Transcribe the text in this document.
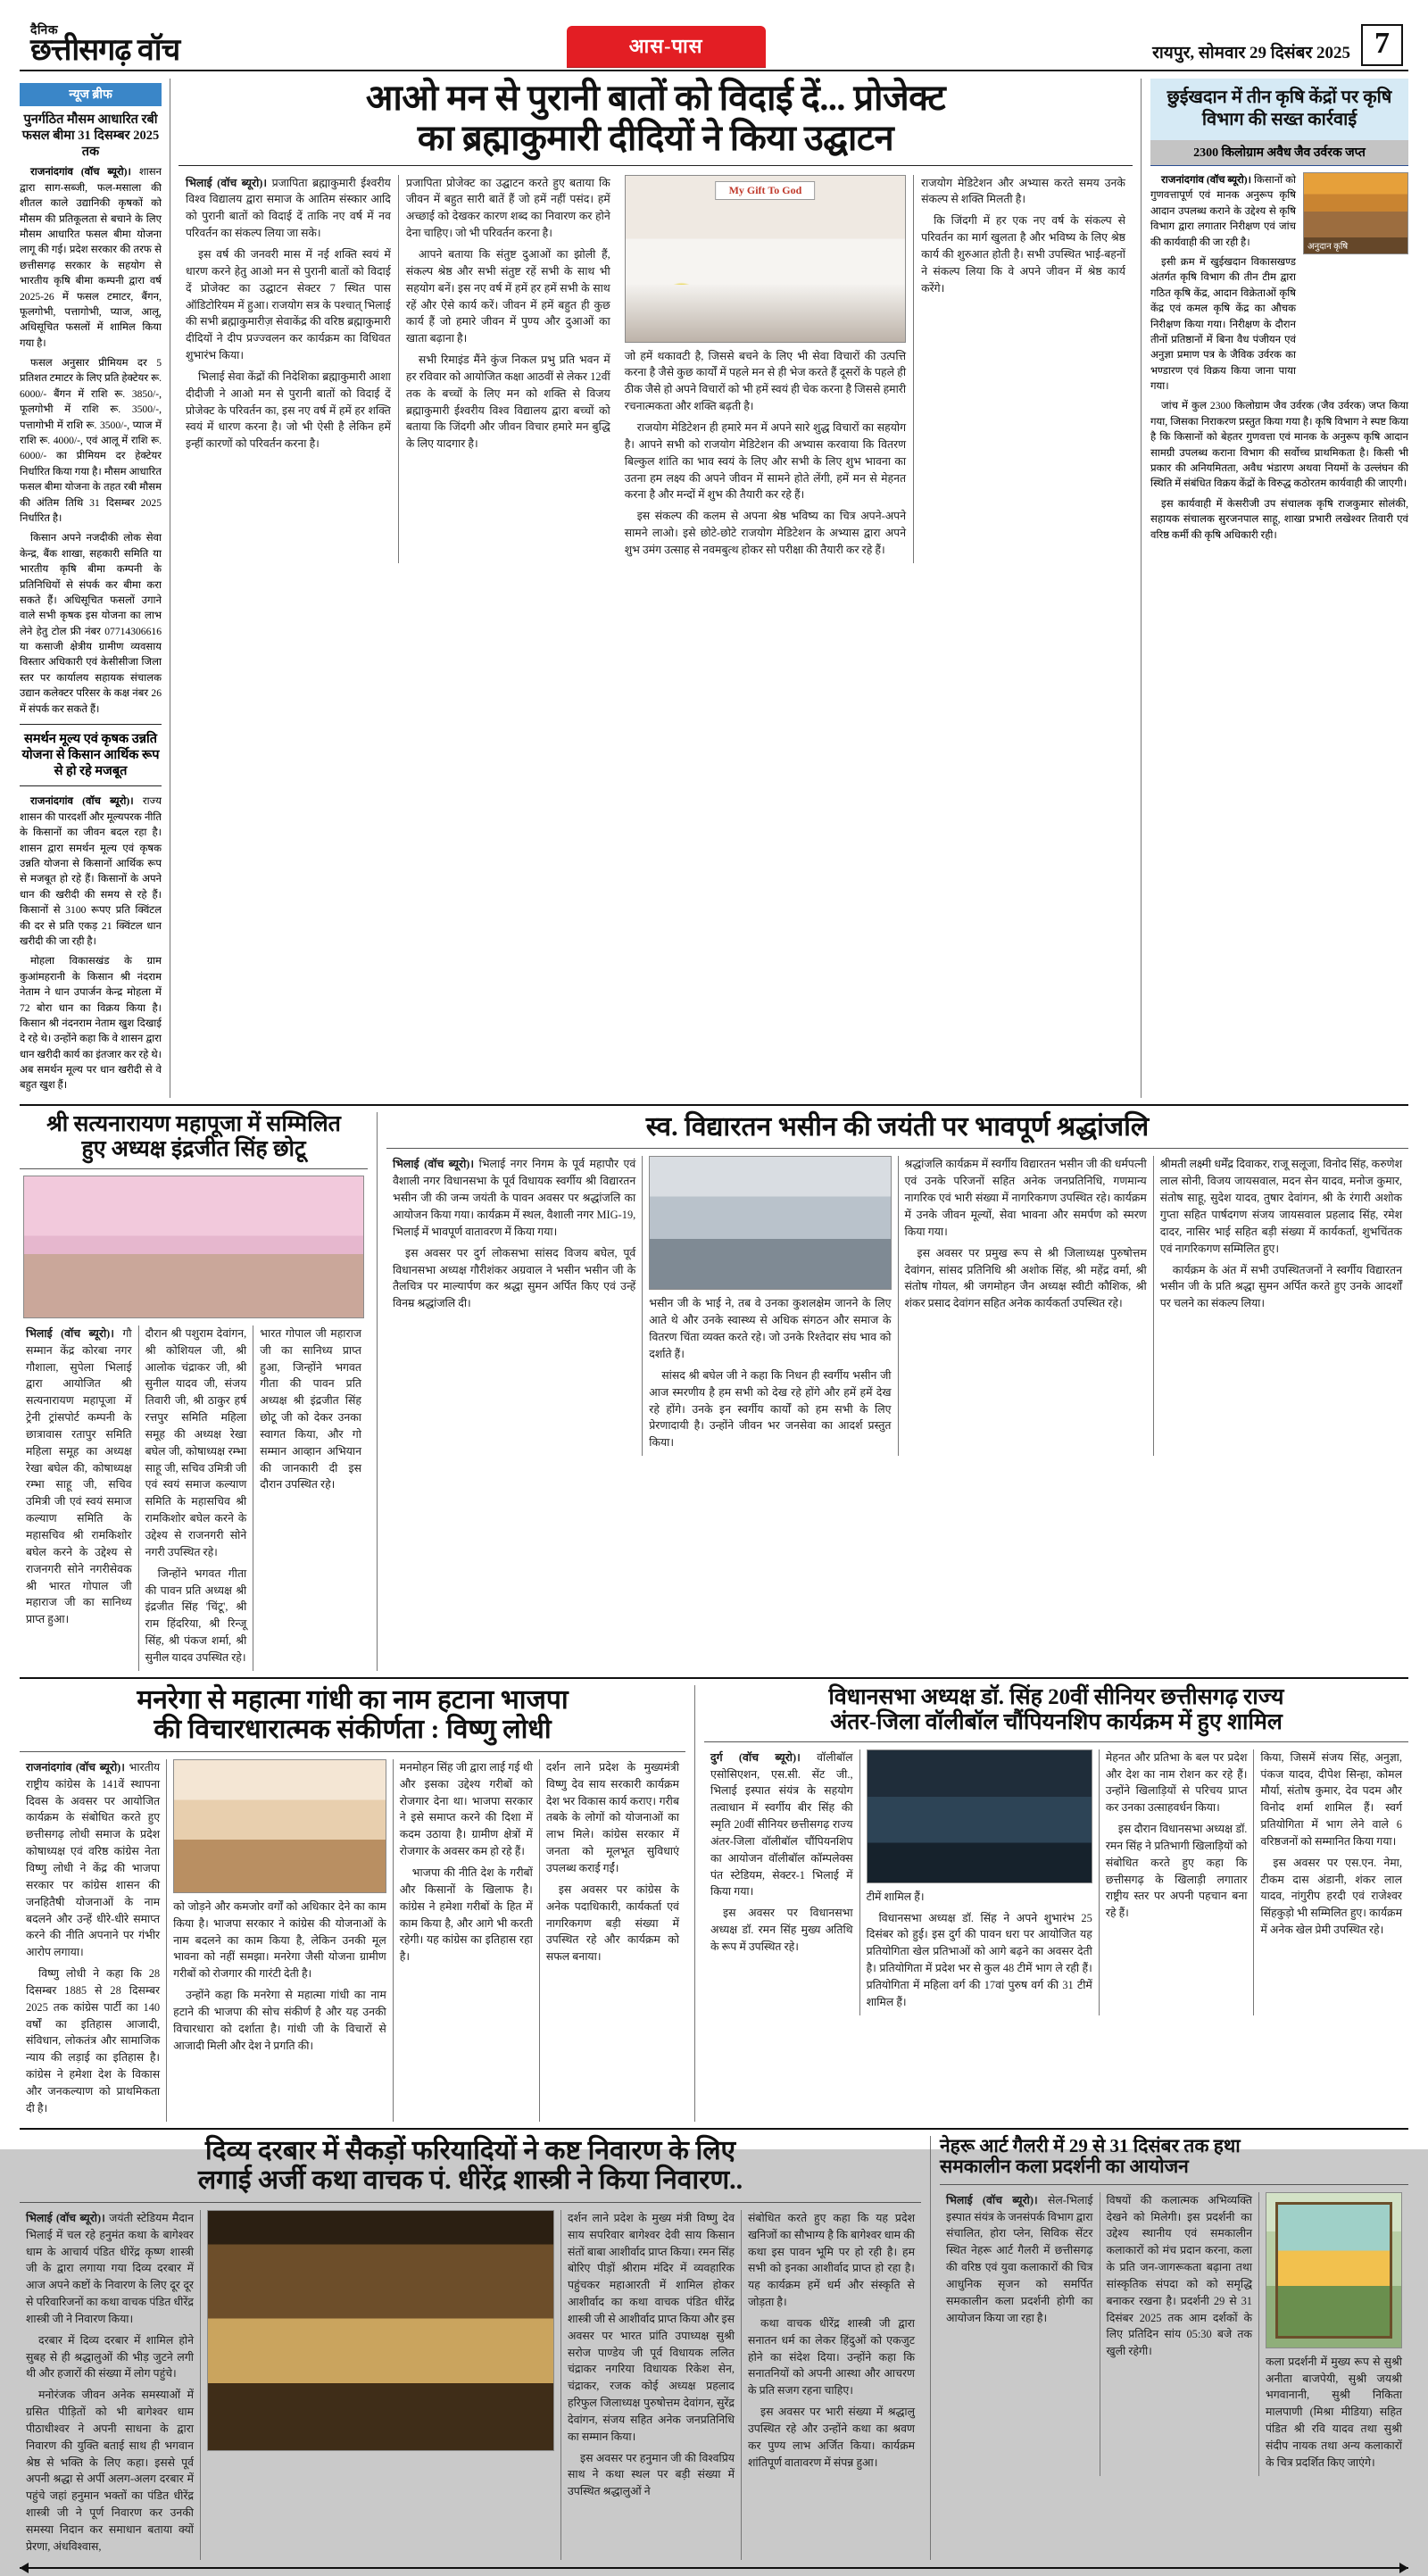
दैनिक
छत्तीसगढ़ वॉच	आस-पास	रायपुर, सोमवार 29 दिसंबर 2025 7
न्यूज ब्रीफ
पुनर्गठित मौसम आधारित रबी फसल बीमा 31 दिसम्बर 2025 तक

राजनांदगांव (वॉच ब्यूरो)। शासन द्वारा साग-सब्जी, फल-मसाला की शीतल काले उद्यानिकी कृषकों को मौसम की प्रतिकूलता से बचाने के लिए मौसम आधारित फसल बीमा योजना लागू की गई। प्रदेश सरकार की तरफ से छत्तीसगढ़ सरकार के सहयोग से भारतीय कृषि बीमा कम्पनी द्वारा वर्ष 2025-26 में फसल टमाटर, बैंगन, फूलगोभी, पत्तागोभी, प्याज, आलू, अधिसूचित फसलों में शामिल किया गया है।

फसल अनुसार प्रीमियम दर 5 प्रतिशत टमाटर के लिए प्रति हेक्टेयर रू. 6000/- बैंगन में राशि रू. 3850/-, फूलगोभी में राशि रू. 3500/-, पत्तागोभी में राशि रू. 3500/-, प्याज में राशि रू. 4000/-, एवं आलू में राशि रू. 6000/- का प्रीमियम दर हेक्टेयर निर्धारित किया गया है। मौसम आधारित फसल बीमा योजना के तहत रबी मौसम की अंतिम तिथि 31 दिसम्बर 2025 निर्धारित है।

किसान अपने नजदीकी लोक सेवा केन्द्र, बैंक शाखा, सहकारी समिति या भारतीय कृषि बीमा कम्पनी के प्रतिनिधियों से संपर्क कर बीमा करा सकते हैं। अधिसूचित फसलों उगाने वाले सभी कृषक इस योजना का लाभ लेने हेतु टोल फ्री नंबर 07714306616 या कसाजी क्षेत्रीय ग्रामीण व्यवसाय विस्तार अधिकारी एवं केसीसीजा जिला स्तर पर कार्यालय सहायक संचालक उद्यान कलेक्टर परिसर के कक्ष नंबर 26 में संपर्क कर सकते हैं।

समर्थन मूल्य एवं कृषक उन्नति योजना से किसान आर्थिक रूप से हो रहे मजबूत

राजनांदगांव (वॉच ब्यूरो)। राज्य शासन की पारदर्शी और मूल्यपरक नीति के किसानों का जीवन बदल रहा है। शासन द्वारा समर्थन मूल्य एवं कृषक उन्नति योजना से किसानों आर्थिक रूप से मजबूत हो रहे हैं। किसानों के अपने धान की खरीदी की समय से रहे हैं। किसानों से 3100 रूपए प्रति क्विंटल की दर से प्रति एकड़ 21 क्विंटल धान खरीदी की जा रही है।

मोहला विकासखंड के ग्राम कुआंमहरानी के किसान श्री नंदराम नेताम ने धान उपार्जन केन्द्र मोहला में 72 बोरा धान का विक्रय किया है। किसान श्री नंदनराम नेताम खुश दिखाई दे रहे थे। उन्होंने कहा कि वे शासन द्वारा धान खरीदी कार्य का इंतजार कर रहे थे। अब समर्थन मूल्य पर धान खरीदी से वे बहुत खुश हैं।

आओ मन से पुरानी बातों को विदाई दें... प्रोजेक्ट
का ब्रह्माकुमारी दीदियों ने किया उद्घाटन

भिलाई (वॉच ब्यूरो)। प्रजापिता ब्रह्माकुमारी ईश्वरीय विश्व विद्यालय द्वारा समाज के आतिम संस्कार आदि को पुरानी बातों को विदाई दें ताकि नए वर्ष में नव परिवर्तन का संकल्प लिया जा सके।

इस वर्ष की जनवरी मास में नई शक्ति स्वयं में धारण करने हेतु आओ मन से पुरानी बातों को विदाई दें प्रोजेक्ट का उद्घाटन सेक्टर 7 स्थित पास ऑडिटोरियम में हुआ। राजयोग सत्र के पश्चात् भिलाई की सभी ब्रह्माकुमारीज़ सेवाकेंद्र की वरिष्ठ ब्रह्माकुमारी दीदियों ने दीप प्रज्ज्वलन कर कार्यक्रम का विधिवत शुभारंभ किया।

भिलाई सेवा केंद्रों की निदेशिका ब्रह्माकुमारी आशा दीदीजी ने आओ मन से पुरानी बातों को विदाई दें प्रोजेक्ट के परिवर्तन का, इस नए वर्ष में हमें हर शक्ति स्वयं में धारण करना है। जो भी ऐसी है लेकिन हमें इन्हीं कारणों को परिवर्तन करना है।

प्रजापिता प्रोजेक्ट का उद्घाटन करते हुए बताया कि जीवन में बहुत सारी बातें हैं जो हमें नहीं पसंद। हमें अच्छाई को देखकर कारण शब्द का निवारण कर होने देना चाहिए। जो भी परिवर्तन करना है।

आपने बताया कि संतुष्ट दुआओं का झोली हैं, संकल्प श्रेष्ठ और सभी संतुष्ट रहें सभी के साथ भी सहयोग बनें। इस नए वर्ष में हमें हर हमें सभी के साथ रहें और ऐसे कार्य करें। जीवन में हमें बहुत ही कुछ कार्य हैं जो हमारे जीवन में पुण्य और दुआओं का खाता बढ़ाना है।

सभी रिमाइंड मैंने कुंज निकल प्रभु प्रति भवन में हर रविवार को आयोजित कक्षा आठवीं से लेकर 12वीं तक के बच्चों के लिए मन को शक्ति से विजय ब्रह्माकुमारी ईश्वरीय विश्व विद्यालय द्वारा बच्चों को बताया कि जिंदगी और जीवन विचार हमारे मन बुद्धि के लिए यादगार है।

My Gift To God

जो हमें थकावटी है, जिससे बचने के लिए भी सेवा विचारों की उत्पत्ति करना है जैसे कुछ कार्यों में पहले मन से ही भेज करते हैं दूसरों के पहले ही ठीक जैसे हो अपने विचारों को भी हमें स्वयं ही चेक करना है जिससे हमारी रचनात्मकता और शक्ति बढ़ती है।

राजयोग मेडिटेशन ही हमारे मन में अपने सारे शुद्ध विचारों का सहयोग है। आपने सभी को राजयोग मेडिटेशन की अभ्यास करवाया कि वितरण बिल्कुल शांति का भाव स्वयं के लिए और सभी के लिए शुभ भावना का उतना हम लक्ष्य की अपने जीवन में सामने होते लेंगी, हमें मन से मेहनत करना है और मन्दों में शुभ की तैयारी कर रहे हैं।

इस संकल्प की कलम से अपना श्रेष्ठ भविष्य का चित्र अपने-अपने सामने लाओ। इसे छोटे-छोटे राजयोग मेडिटेशन के अभ्यास द्वारा अपने शुभ उमंग उत्साह से नवमबुत्थ होकर सो परीक्षा की तैयारी कर रहे हैं।

राजयोग मेडिटेशन और अभ्यास करते समय उनके संकल्प से शक्ति मिलती है।

कि जिंदगी में हर एक नए वर्ष के संकल्प से परिवर्तन का मार्ग खुलता है और भविष्य के लिए श्रेष्ठ कार्य की शुरुआत होती है। सभी उपस्थित भाई-बहनों ने संकल्प लिया कि वे अपने जीवन में श्रेष्ठ कार्य करेंगे।

छुईखदान में तीन कृषि केंद्रों पर कृषि विभाग की सख्त कार्रवाई
2300 किलोग्राम अवैध जैव उर्वरक जप्त

राजनांदगांव (वॉच ब्यूरो)। किसानों को गुणवत्तापूर्ण एवं मानक अनुरूप कृषि आदान उपलब्ध कराने के उद्देश्य से कृषि विभाग द्वारा लगातार निरीक्षण एवं जांच की कार्यवाही की जा रही है।

इसी क्रम में खुईखदान विकासखण्ड अंतर्गत कृषि विभाग की तीन टीम द्वारा गठित कृषि केंद्र, आदान विक्रेताओं कृषि केंद्र एवं कमल कृषि केंद्र का औचक निरीक्षण किया गया। निरीक्षण के दौरान तीनों प्रतिष्ठानों में बिना वैध पंजीयन एवं अनुज्ञा प्रमाण पत्र के जैविक उर्वरक का भण्डारण एवं विक्रय किया जाना पाया गया।

अनुदान कृषि

जांच में कुल 2300 किलोग्राम जैव उर्वरक (जैव उर्वरक) जप्त किया गया, जिसका निराकरण प्रस्तुत किया गया है। कृषि विभाग ने स्पष्ट किया है कि किसानों को बेहतर गुणवत्ता एवं मानक के अनुरूप कृषि आदान सामग्री उपलब्ध कराना विभाग की सर्वोच्च प्राथमिकता है। किसी भी प्रकार की अनियमितता, अवैध भंडारण अथवा नियमों के उल्लंघन की स्थिति में संबंधित विक्रय केंद्रों के विरुद्ध कठोरतम कार्यवाही की जाएगी।

इस कार्यवाही में केसरीजी उप संचालक कृषि राजकुमार सोलंकी, सहायक संचालक सुरजनपाल साहू, शाखा प्रभारी लखेश्वर तिवारी एवं वरिष्ठ कर्मी की कृषि अधिकारी रही।

श्री सत्यनारायण महापूजा में सम्मिलित
हुए अध्यक्ष इंद्रजीत सिंह छोटू

भिलाई (वॉच ब्यूरो)। गौ सम्मान केंद्र कोरबा नगर गौशाला, सुपेला भिलाई द्वारा आयोजित श्री सत्यनारायण महापूजा में ट्रेनी ट्रांसपोर्ट कम्पनी के छात्रावास रतापुर समिति महिला समूह का अध्यक्ष रेखा बघेल की, कोषाध्यक्ष रम्भा साहू जी, सचिव उमित्री जी एवं स्वयं समाज कल्याण समिति के महासचिव श्री रामकिशोर बघेल करने के उद्देश्य से राजनगरी सोने नगरीसेवक श्री भारत गोपाल जी महाराज जी का सानिध्य प्राप्त हुआ।

दौरान श्री पशुराम देवांगन, श्री कोशियल जी, श्री आलोक चंद्राकर जी, श्री सुनील यादव जी, संजय तिवारी जी, श्री ठाकुर हर्ष रत्तपुर समिति महिला समूह की अध्यक्ष रेखा बघेल जी, कोषाध्यक्ष रम्भा साहू जी, सचिव उमित्री जी एवं स्वयं समाज कल्याण समिति के महासचिव श्री रामकिशोर बघेल करने के उद्देश्य से राजनगरी सोने नगरी उपस्थित रहे।

जिन्होंने भगवत गीता की पावन प्रति अध्यक्ष श्री इंद्रजीत सिंह 'चिंटू', श्री राम हिंदरिया, श्री रिन्जू सिंह, श्री पंकज शर्मा, श्री सुनील यादव उपस्थित रहे।

भारत गोपाल जी महाराज जी का सानिध्य प्राप्त हुआ, जिन्होंने भगवत गीता की पावन प्रति अध्यक्ष श्री इंद्रजीत सिंह छोटू जी को देकर उनका स्वागत किया, और गो सम्मान आव्हान अभियान की जानकारी दी इस दौरान उपस्थित रहे।

स्व. विद्यारतन भसीन की जयंती पर भावपूर्ण श्रद्धांजलि

भिलाई (वॉच ब्यूरो)। भिलाई नगर निगम के पूर्व महापौर एवं वैशाली नगर विधानसभा के पूर्व विधायक स्वर्गीय श्री विद्यारतन भसीन जी की जन्म जयंती के पावन अवसर पर श्रद्धांजलि का आयोजन किया गया। कार्यक्रम में स्थल, वैशाली नगर MIG-19, भिलाई में भावपूर्ण वातावरण में किया गया।

इस अवसर पर दुर्ग लोकसभा सांसद विजय बघेल, पूर्व विधानसभा अध्यक्ष गौरीशंकर अग्रवाल ने भसीन भसीन जी के तैलचित्र पर माल्यार्पण कर श्रद्धा सुमन अर्पित किए एवं उन्हें विनम्र श्रद्धांजलि दी।	भसीन जी के भाई ने, तब वे उनका कुशलक्षेम जानने के लिए आते थे और उनके स्वास्थ्य से अधिक संगठन और समाज के वितरण चिंता व्यक्त करते रहे। जो उनके रिश्तेदार संघ भाव को दर्शाते हैं।

सांसद श्री बघेल जी ने कहा कि निधन ही स्वर्गीय भसीन जी आज स्मरणीय है हम सभी को देख रहे होंगे और हमें हमें देख रहे होंगे। उनके इन स्वर्गीय कार्यों को हम सभी के लिए प्रेरणादायी है। उन्होंने जीवन भर जनसेवा का आदर्श प्रस्तुत किया।

श्रद्धांजलि कार्यक्रम में स्वर्गीय विद्यारतन भसीन जी की धर्मपत्नी एवं उनके परिजनों सहित अनेक जनप्रतिनिधि, गणमान्य नागरिक एवं भारी संख्या में नागरिकगण उपस्थित रहे। कार्यक्रम में उनके जीवन मूल्यों, सेवा भावना और समर्पण को स्मरण किया गया।

इस अवसर पर प्रमुख रूप से श्री जिलाध्यक्ष पुरुषोत्तम देवांगन, सांसद प्रतिनिधि श्री अशोक सिंह, श्री महेंद्र वर्मा, श्री संतोष गोयल, श्री जगमोहन जैन अध्यक्ष स्वीटी कौशिक, श्री शंकर प्रसाद देवांगन सहित अनेक कार्यकर्ता उपस्थित रहे।

श्रीमती लक्ष्मी धर्मेंद्र दिवाकर, राजू सलूजा, विनोद सिंह, करुणेश लाल सोनी, विजय जायसवाल, मदन सेन यादव, मनोज कुमार, संतोष साहू, सुदेश यादव, तुषार देवांगन, श्री के रंगारी अशोक गुप्ता सहित पार्षदगण संजय जायसवाल प्रहलाद सिंह, रमेश दादर, नासिर भाई सहित बड़ी संख्या में कार्यकर्ता, शुभचिंतक एवं नागरिकगण सम्मिलित हुए।

कार्यक्रम के अंत में सभी उपस्थितजनों ने स्वर्गीय विद्यारतन भसीन जी के प्रति श्रद्धा सुमन अर्पित करते हुए उनके आदर्शों पर चलने का संकल्प लिया।

मनरेगा से महात्मा गांधी का नाम हटाना भाजपा
की विचारधारात्मक संकीर्णता : विष्णु लोधी

राजनांदगांव (वॉच ब्यूरो)। भारतीय राष्ट्रीय कांग्रेस के 141वें स्थापना दिवस के अवसर पर आयोजित कार्यक्रम के संबोधित करते हुए छत्तीसगढ़ लोधी समाज के प्रदेश कोषाध्यक्ष एवं वरिष्ठ कांग्रेस नेता विष्णु लोधी ने केंद्र की भाजपा सरकार पर कांग्रेस शासन की जनहितैषी योजनाओं के नाम बदलने और उन्हें धीरे-धीरे समाप्त करने की नीति अपनाने पर गंभीर आरोप लगाया।

विष्णु लोधी ने कहा कि 28 दिसम्बर 1885 से 28 दिसम्बर 2025 तक कांग्रेस पार्टी का 140 वर्षों का इतिहास आजादी, संविधान, लोकतंत्र और सामाजिक न्याय की लड़ाई का इतिहास है। कांग्रेस ने हमेशा देश के विकास और जनकल्याण को प्राथमिकता दी है।

को जोड़ने और कमजोर वर्गों को अधिकार देने का काम किया है। भाजपा सरकार ने कांग्रेस की योजनाओं के नाम बदलने का काम किया है, लेकिन उनकी मूल भावना को नहीं समझा। मनरेगा जैसी योजना ग्रामीण गरीबों को रोजगार की गारंटी देती है।

उन्होंने कहा कि मनरेगा से महात्मा गांधी का नाम हटाने की भाजपा की सोच संकीर्ण है और यह उनकी विचारधारा को दर्शाता है। गांधी जी के विचारों से आजादी मिली और देश ने प्रगति की।

मनमोहन सिंह जी द्वारा लाई गई थी और इसका उद्देश्य गरीबों को रोजगार देना था। भाजपा सरकार ने इसे समाप्त करने की दिशा में कदम उठाया है। ग्रामीण क्षेत्रों में रोजगार के अवसर कम हो रहे हैं।

भाजपा की नीति देश के गरीबों और किसानों के खिलाफ है। कांग्रेस ने हमेशा गरीबों के हित में काम किया है, और आगे भी करती रहेगी। यह कांग्रेस का इतिहास रहा है।

दर्शन लाने प्रदेश के मुख्यमंत्री विष्णु देव साय सरकारी कार्यक्रम देश भर विकास कार्य कराए। गरीब तबके के लोगों को योजनाओं का लाभ मिले। कांग्रेस सरकार में जनता को मूलभूत सुविधाएं उपलब्ध कराई गईं।

इस अवसर पर कांग्रेस के अनेक पदाधिकारी, कार्यकर्ता एवं नागरिकगण बड़ी संख्या में उपस्थित रहे और कार्यक्रम को सफल बनाया।

विधानसभा अध्यक्ष डॉ. सिंह 20वीं सीनियर छत्तीसगढ़ राज्य
अंतर-जिला वॉलीबॉल चौंपियनशिप कार्यक्रम में हुए शामिल

दुर्ग (वॉच ब्यूरो)। वॉलीबॉल एसोसिएशन, एस.सी. सेंट जी., भिलाई इस्पात संयंत्र के सहयोग तत्वाधान में स्वर्गीय बीर सिंह की स्मृति 20वीं सीनियर छत्तीसगढ़ राज्य अंतर-जिला वॉलीबॉल चौंपियनशिप का आयोजन वॉलीबॉल कॉम्पलेक्स पंत स्टेडियम, सेक्टर-1 भिलाई में किया गया।

इस अवसर पर विधानसभा अध्यक्ष डॉ. रमन सिंह मुख्य अतिथि के रूप में उपस्थित रहे।

टीमें शामिल हैं।

विधानसभा अध्यक्ष डॉ. सिंह ने अपने शुभारंभ 25 दिसंबर को हुई। इस दुर्ग की पावन धरा पर आयोजित यह प्रतियोगिता खेल प्रतिभाओं को आगे बढ़ने का अवसर देती है। प्रतियोगिता में प्रदेश भर से कुल 48 टीमें भाग ले रही हैं। प्रतियोगिता में महिला वर्ग की 17वां पुरुष वर्ग की 31 टीमें शामिल हैं।

मेहनत और प्रतिभा के बल पर प्रदेश और देश का नाम रोशन कर रहे हैं। उन्होंने खिलाड़ियों से परिचय प्राप्त कर उनका उत्साहवर्धन किया।

इस दौरान विधानसभा अध्यक्ष डॉ. रमन सिंह ने प्रतिभागी खिलाड़ियों को संबोधित करते हुए कहा कि छत्तीसगढ़ के खिलाड़ी लगातार राष्ट्रीय स्तर पर अपनी पहचान बना रहे हैं।

किया, जिसमें संजय सिंह, अनुज्ञा, पंकज यादव, दीपेश सिन्हा, कोमल मौर्या, संतोष कुमार, देव पदम और विनोद शर्मा शामिल हैं। स्वर्ग प्रतियोगिता में भाग लेने वाले 6 वरिष्ठजनों को सम्मानित किया गया।

इस अवसर पर एस.एन. नेमा, टीकम दास अंडानी, शंकर लाल यादव, नांगुरीप हरदी एवं राजेश्वर सिंहकुड़ो भी सम्मिलित हुए। कार्यक्रम में अनेक खेल प्रेमी उपस्थित रहे।

दिव्य दरबार में सैकड़ों फरियादियों ने कष्ट निवारण के लिए
लगाई अर्जी कथा वाचक पं. धीरेंद्र शास्त्री ने किया निवारण..

भिलाई (वॉच ब्यूरो)। जयंती स्टेडियम मैदान भिलाई में चल रहे हनुमंत कथा के बागेश्वर धाम के आचार्य पंडित धीरेंद्र कृष्ण शास्त्री जी के द्वारा लगाया गया दिव्य दरबार में आज अपने कष्टों के निवारण के लिए दूर दूर से परिवारिजनों का कथा वाचक पंडित धीरेंद्र शास्त्री जी ने निवारण किया।

दरबार में दिव्य दरबार में शामिल होने सुबह से ही श्रद्धालुओं की भीड़ जुटने लगी थी और हजारों की संख्या में लोग पहुंचे।

मनोरंजक जीवन अनेक समस्याओं में ग्रसित पीड़ितों को भी बागेश्वर धाम पीठाधीश्वर ने अपनी साधना के द्वारा निवारण की युक्ति बताई साथ ही भगवान श्रेष्ठ से भक्ति के लिए कहा। इससे पूर्व अपनी श्रद्धा से अर्पी अलग-अलग दरबार में पहुंचे जहां हनुमान भक्तों का पंडित धीरेंद्र शास्त्री जी ने पूर्ण निवारण कर उनकी समस्या निदान कर समाधान बताया क्यों प्रेरणा, अंधविश्वास,

दर्शन लाने प्रदेश के मुख्य मंत्री विष्णु देव साय सपरिवार बागेश्वर देवी साय किसान संतों बाबा आशीर्वाद प्राप्त किया। रमन सिंह बोरिए पीड़ों श्रीराम मंदिर में व्यवहारिक पहुंचकर महाआरती में शामिल होकर आशीर्वाद का कथा वाचक पंडित धीरेंद्र शास्त्री जी से आशीर्वाद प्राप्त किया और इस अवसर पर भारत प्रांति उपाध्यक्ष सुश्री सरोज पाण्डेय जी पूर्व विधायक ललित चंद्राकर नगरिया विधायक रिकेश सेन, चंद्राकर, रजक कोई अध्यक्ष प्रहलाद हरिफुल जिलाध्यक्ष पुरुषोत्तम देवांगन, सुरेंद्र देवांगन, संजय सहित अनेक जनप्रतिनिधि का सम्मान किया।

इस अवसर पर हनुमान जी की विश्वप्रिय साथ ने कथा स्थल पर बड़ी संख्या में उपस्थित श्रद्धालुओं ने

संबोधित करते हुए कहा कि यह प्रदेश खनिजों का सौभाग्य है कि बागेश्वर धाम की कथा इस पावन भूमि पर हो रही है। हम सभी को इनका आशीर्वाद प्राप्त हो रहा है। यह कार्यक्रम हमें धर्म और संस्कृति से जोड़ता है।

कथा वाचक धीरेंद्र शास्त्री जी द्वारा सनातन धर्म का लेकर हिंदुओं को एकजुट होने का संदेश दिया। उन्होंने कहा कि सनातनियों को अपनी आस्था और आचरण के प्रति सजग रहना चाहिए।

इस अवसर पर भारी संख्या में श्रद्धालु उपस्थित रहे और उन्होंने कथा का श्रवण कर पुण्य लाभ अर्जित किया। कार्यक्रम शांतिपूर्ण वातावरण में संपन्न हुआ।

नेहरू आर्ट गैलरी में 29 से 31 दिसंबर तक हथा
समकालीन कला प्रदर्शनी का आयोजन

भिलाई (वॉच ब्यूरो)। सेल-भिलाई इस्पात संयंत्र के जनसंपर्क विभाग द्वारा संचालित, होरा प्लेन, सिविक सेंटर स्थित नेहरू आर्ट गैलरी में छत्तीसगढ़ की वरिष्ठ एवं युवा कलाकारों की चित्र आधुनिक सृजन को समर्पित समकालीन कला प्रदर्शनी होगी का आयोजन किया जा रहा है।

विषयों की कलात्मक अभिव्यक्ति देखने को मिलेगी। इस प्रदर्शनी का उद्देश्य स्थानीय एवं समकालीन कलाकारों को मंच प्रदान करना, कला के प्रति जन-जागरूकता बढ़ाना तथा सांस्कृतिक संपदा को को समृद्धि बनाकर रखना है। प्रदर्शनी 29 से 31 दिसंबर 2025 तक आम दर्शकों के लिए प्रतिदिन सांय 05:30 बजे तक खुली रहेगी।

कला प्रदर्शनी में मुख्य रूप से सुश्री अनीता बाजपेयी, सुश्री जयश्री भगवानानी, सुश्री निकिता मालपाणी (मिश्रा मीडिया) सहित पंडित श्री रवि यादव तथा सुश्री संदीप नायक तथा अन्य कलाकारों के चित्र प्रदर्शित किए जाएंगे।
